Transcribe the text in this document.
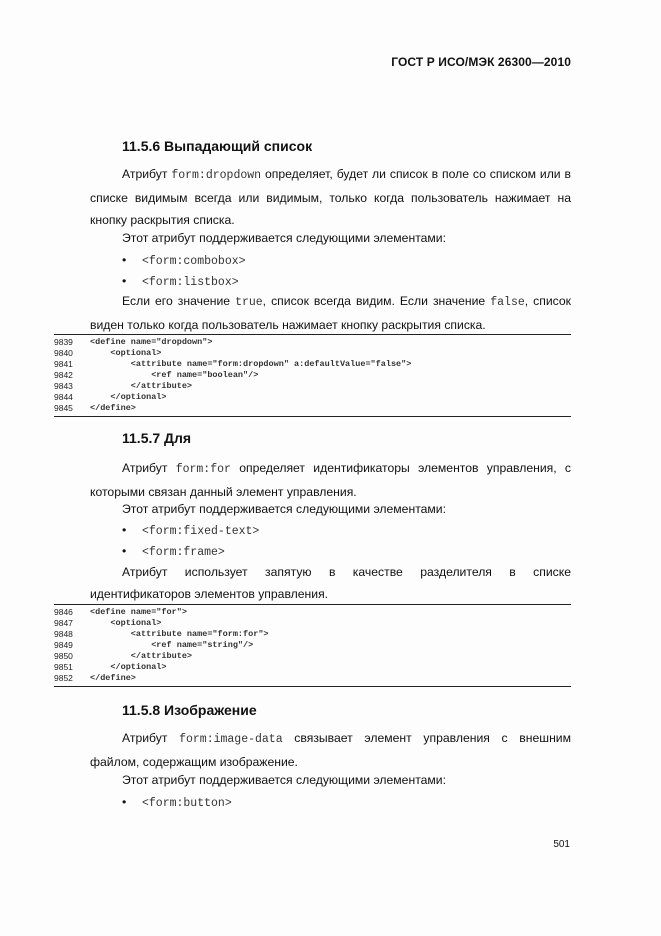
ГОСТ Р ИСО/МЭК 26300—2010
11.5.6 Выпадающий список
Атрибут form:dropdown определяет, будет ли список в поле со списком или в списке видимым всегда или видимым, только когда пользователь нажимает на кнопку раскрытия списка.
Этот атрибут поддерживается следующими элементами:
• <form:combobox>
• <form:listbox>
Если его значение true, список всегда видим. Если значение false, список виден только когда пользователь нажимает кнопку раскрытия списка.
9839	<define name="dropdown">
9840	<optional>
9841	<attribute name="form:dropdown" a:defaultValue="false">
9842	<ref name="boolean"/>
9843	</attribute>
9844	</optional>
9845	</define>
11.5.7 Для
Атрибут form:for определяет идентификаторы элементов управления, с которыми связан данный элемент управления.
Этот атрибут поддерживается следующими элементами:
• <form:fixed-text>
• <form:frame>
Атрибут использует запятую в качестве разделителя в списке идентификаторов элементов управления.
9846	<define name="for">
9847	<optional>
9848	<attribute name="form:for">
9849	<ref name="string"/>
9850	</attribute>
9851	</optional>
9852	</define>
11.5.8 Изображение
Атрибут form:image-data связывает элемент управления с внешним файлом, содержащим изображение.
Этот атрибут поддерживается следующими элементами:
• <form:button>
501
